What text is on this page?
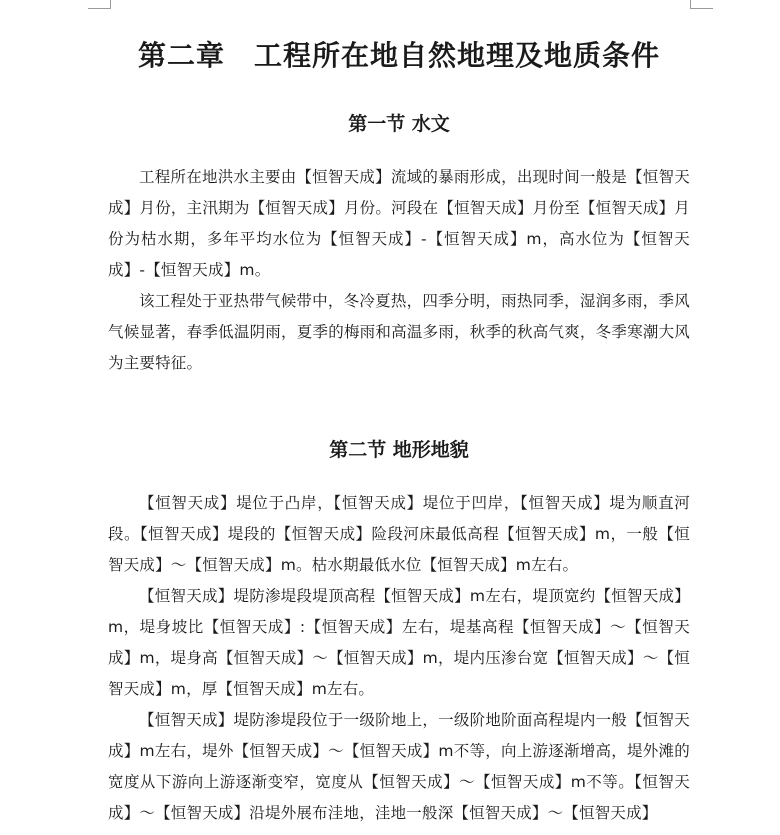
第二章　工程所在地自然地理及地质条件
第一节 水文

工程所在地洪水主要由【恒智天成】流域的暴雨形成，出现时间一般是【恒智天成】月份，主汛期为【恒智天成】月份。河段在【恒智天成】月份至【恒智天成】月份为枯水期，多年平均水位为【恒智天成】-【恒智天成】m，高水位为【恒智天成】-【恒智天成】m。

该工程处于亚热带气候带中，冬冷夏热，四季分明，雨热同季，湿润多雨，季风气候显著，春季低温阴雨，夏季的梅雨和高温多雨，秋季的秋高气爽，冬季寒潮大风为主要特征。

第二节 地形地貌

【恒智天成】堤位于凸岸，【恒智天成】堤位于凹岸，【恒智天成】堤为顺直河段。【恒智天成】堤段的【恒智天成】险段河床最低高程【恒智天成】m，一般【恒智天成】～【恒智天成】m。枯水期最低水位【恒智天成】m左右。

【恒智天成】堤防渗堤段堤顶高程【恒智天成】m左右，堤顶宽约【恒智天成】m，堤身坡比【恒智天成】:【恒智天成】左右，堤基高程【恒智天成】～【恒智天成】m，堤身高【恒智天成】～【恒智天成】m，堤内压渗台宽【恒智天成】～【恒智天成】m，厚【恒智天成】m左右。

【恒智天成】堤防渗堤段位于一级阶地上，一级阶地阶面高程堤内一般【恒智天成】m左右，堤外【恒智天成】～【恒智天成】m不等，向上游逐渐增高，堤外滩的宽度从下游向上游逐渐变窄，宽度从【恒智天成】～【恒智天成】m不等。【恒智天成】～【恒智天成】沿堤外展布洼地，洼地一般深【恒智天成】～【恒智天成】
